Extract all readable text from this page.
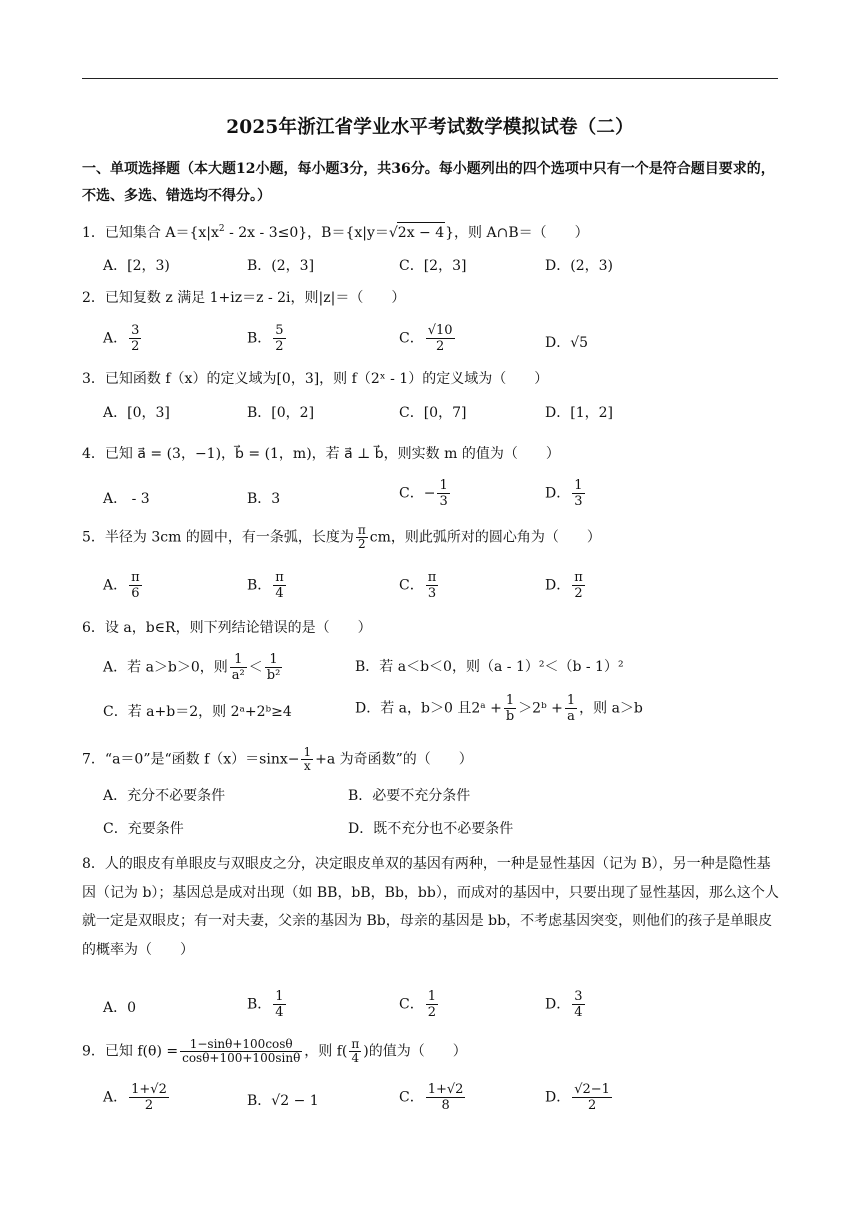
2025年浙江省学业水平考试数学模拟试卷（二）
一、单项选择题（本大题12小题，每小题3分，共36分。每小题列出的四个选项中只有一个是符合题目要求的，不选、多选、错选均不得分。）
1．已知集合 $A=\{x|x^2 - 2x - 3\le 0\}$，B＝{x|y＝√2x − 4}，则 A∩B＝（　　）
A．[2，3)	B．(2，3]	C．[2，3]	D．(2，3)
2．已知复数 z 满足 1+iz＝z - 2i，则|z|＝（　　）
A． $\frac{3}{2}$	B． $\frac{5}{2}$	C． $\frac{√10}{2}$	D．√5
3．已知函数 f（x）的定义域为[0，3]，则 f（2ˣ - 1）的定义域为（　　）
A．[0，3]	B．[0，2]	C．[0，7]	D．[1，2]
4．已知 a⃗ = (3，−1)，b⃗ = (1，m)，若 a⃗ ⊥ b⃗，则实数 m 的值为（　　）
A． - 3	B．3	C．− $\frac{1}{3}$	D． $\frac{1}{3}$
5．半径为 3cm 的圆中，有一条弧，长度为 $\frac{\pi}{2}$ cm，则此弧所对的圆心角为（　　）
A． $\frac{\pi}{6}$	B． $\frac{\pi}{4}$	C． $\frac{\pi}{3}$	D． $\frac{\pi}{2}$
6．设 a，b∈R，则下列结论错误的是（　　）
A．若 a＞b＞0，则 $\frac{1}{\text{a²}} < \frac{1}{\text{b²}}$	B．若 a＜b＜0，则（a - 1）²＜（b - 1）²
C．若 a+b＝2，则 2ᵃ+2ᵇ≥4	D．若 a，b＞0 且2ᵃ + $\frac{1}{b}$ ＞2ᵇ + $\frac{1}{a}$ ，则 a＞b
7．“a＝0”是“函数 $f(x)=\sin x- \frac{1}{x} +a$ 为奇函数”的（　　）
A．充分不必要条件	B．必要不充分条件
C．充要条件	D．既不充分也不必要条件
8．人的眼皮有单眼皮与双眼皮之分，决定眼皮单双的基因有两种，一种是显性基因（记为 B），另一种是隐性基因（记为 b）；基因总是成对出现（如 BB，bB，Bb，bb），而成对的基因中，只要出现了显性基因，那么这个人就一定是双眼皮；有一对夫妻，父亲的基因为 Bb，母亲的基因是 bb，不考虑基因突变，则他们的孩子是单眼皮的概率为（　　）
A．0	B． $\frac{1}{4}$	C． $\frac{1}{2}$	D． $\frac{3}{4}$
9．已知 $f(\theta) = \frac{1-\sin\theta+100\cos\theta}{\cos\theta+100+100\sin\theta}$ ，则 $f( \frac{\pi}{4}$ )的值为（　　）
A． $\frac{1+√2}{2}$	B．√2 − 1	C． $\frac{1+√2}{8}$	D． $\frac{√2-1}{2}$
